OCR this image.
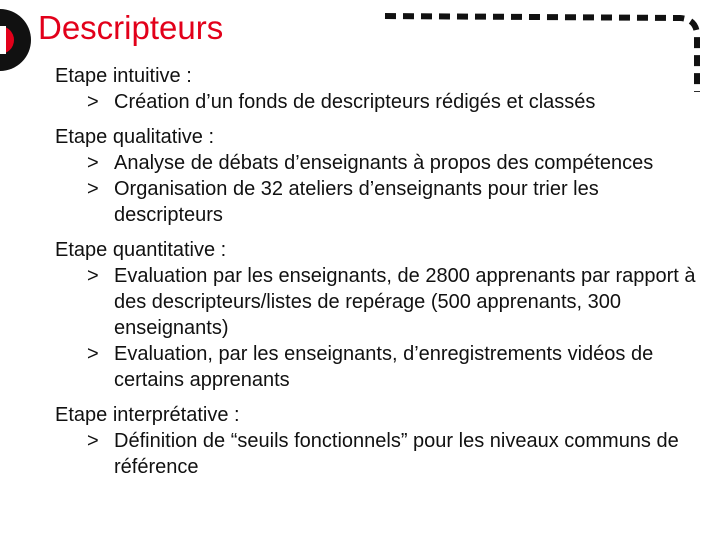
Descripteurs
Etape intuitive :
> Création d’un fonds de descripteurs rédigés et classés
Etape qualitative :
> Analyse de débats d’enseignants à propos des compétences
> Organisation de 32 ateliers d’enseignants pour trier les descripteurs
Etape quantitative :
> Evaluation par les enseignants, de 2800 apprenants par rapport à des descripteurs/listes de repérage (500 apprenants, 300 enseignants)
> Evaluation, par les enseignants, d’enregistrements vidéos de certains apprenants
Etape interprétative :
> Définition de “seuils fonctionnels” pour les niveaux communs de référence
